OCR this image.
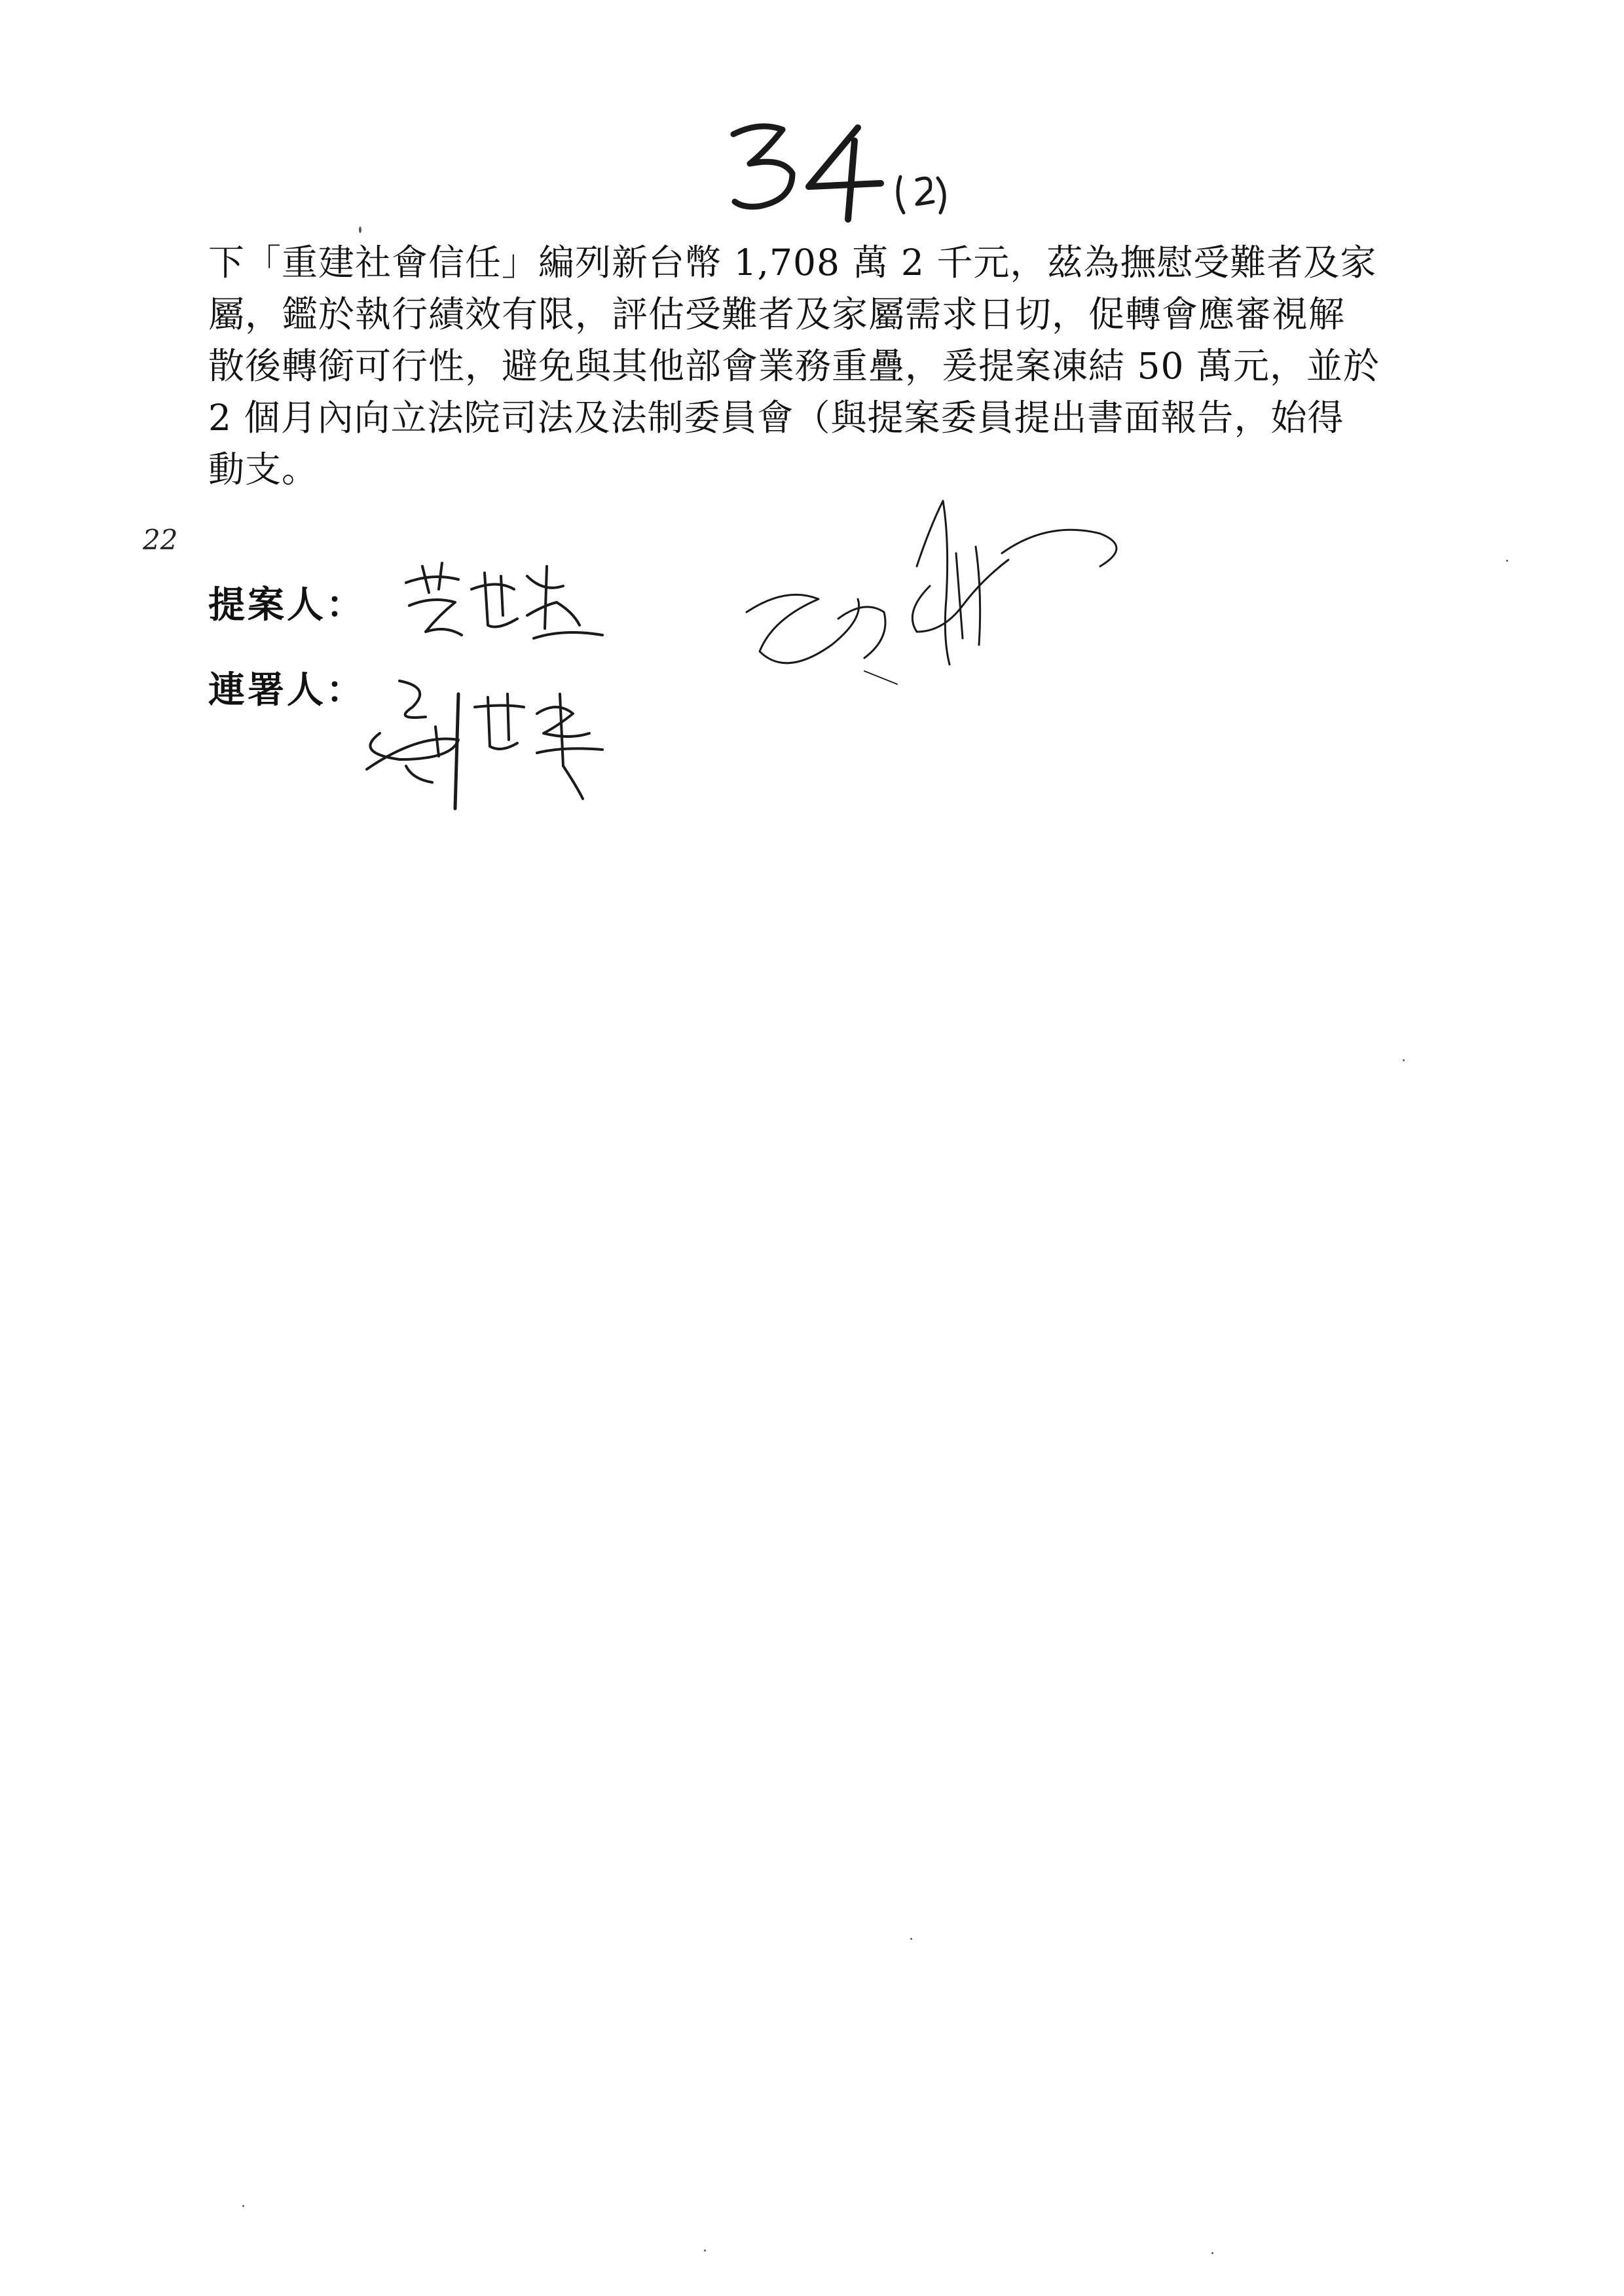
22
下「重建社會信任」編列新台幣 1,708 萬 2 千元，茲為撫慰受難者及家
屬，鑑於執行績效有限，評估受難者及家屬需求日切，促轉會應審視解
散後轉銜可行性，避免與其他部會業務重疊，爰提案凍結 50 萬元，並於
2 個月內向立法院司法及法制委員會（與提案委員提出書面報告，始得
動支。
提案人：
連署人：
